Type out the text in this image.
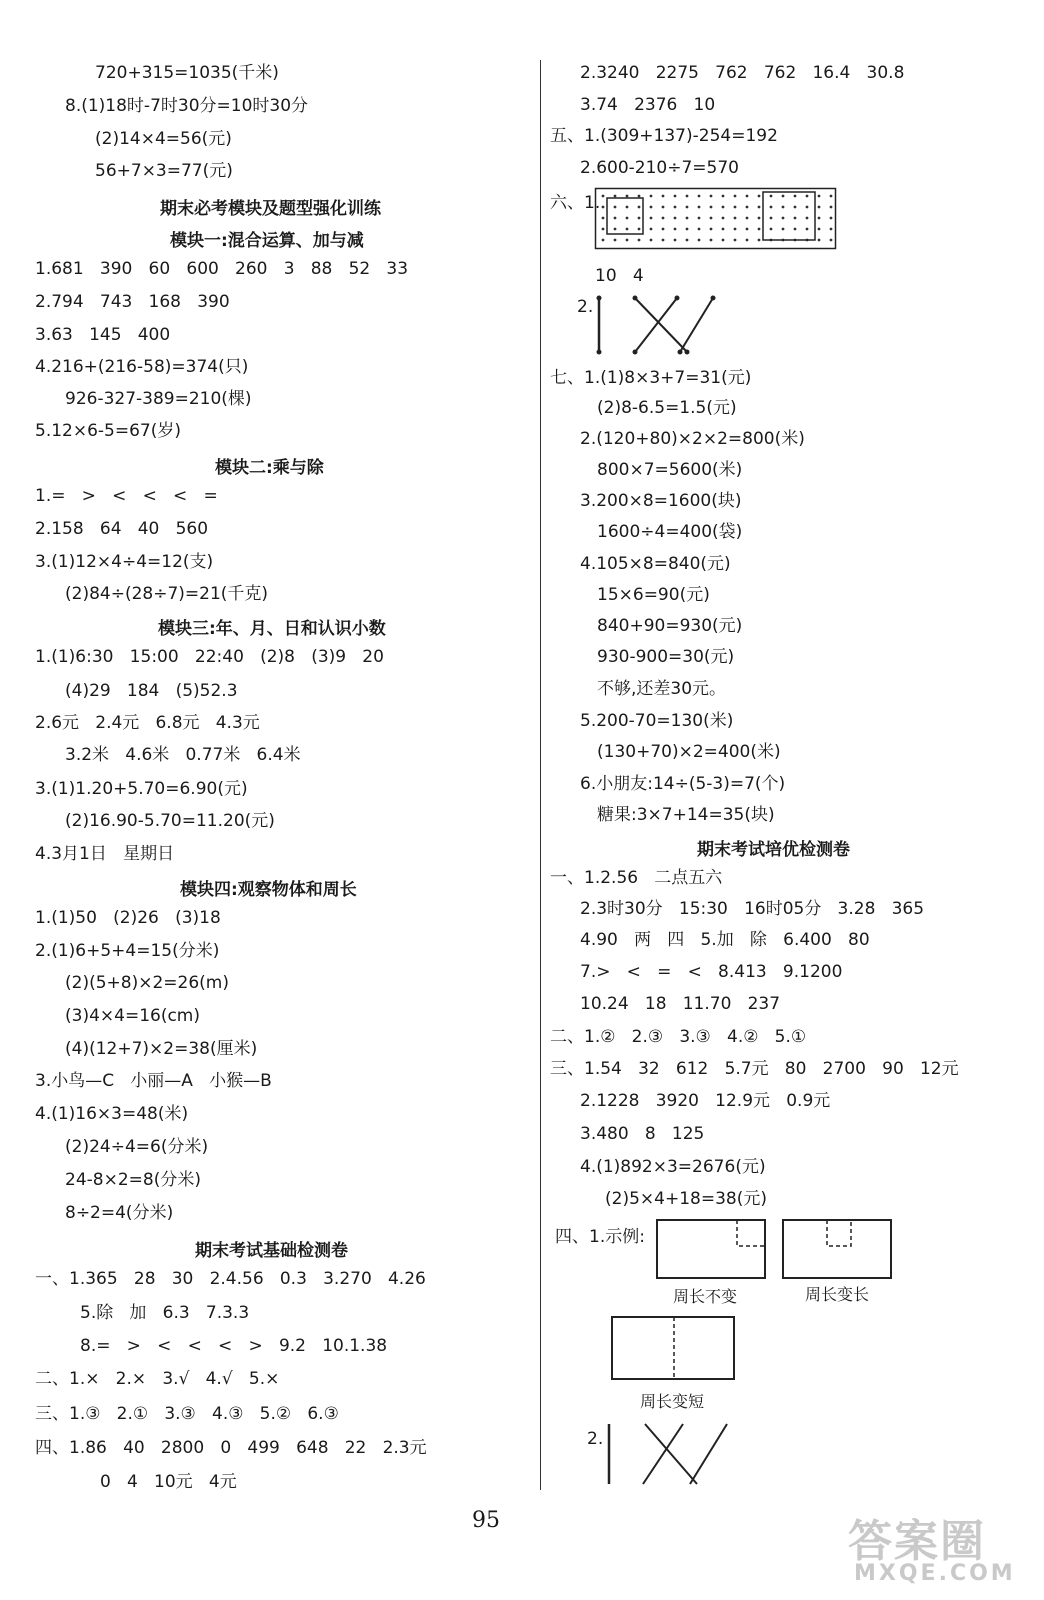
720+315=1035(千米)
8.(1)18时-7时30分=10时30分
(2)14×4=56(元)
56+7×3=77(元)
期末必考模块及题型强化训练
模块一:混合运算、加与减
1.681   390   60   600   260   3   88   52   33
2.794   743   168   390
3.63   145   400
4.216+(216-58)=374(只)
926-327-389=210(棵)
5.12×6-5=67(岁)
模块二:乘与除
1.=   >   <   <   <   =
2.158   64   40   560
3.(1)12×4÷4=12(支)
(2)84÷(28÷7)=21(千克)
模块三:年、月、日和认识小数
1.(1)6:30   15:00   22:40   (2)8   (3)9   20
(4)29   184   (5)52.3
2.6元   2.4元   6.8元   4.3元
3.2米   4.6米   0.77米   6.4米
3.(1)1.20+5.70=6.90(元)
(2)16.90-5.70=11.20(元)
4.3月1日   星期日
模块四:观察物体和周长
1.(1)50   (2)26   (3)18
2.(1)6+5+4=15(分米)
(2)(5+8)×2=26(m)
(3)4×4=16(cm)
(4)(12+7)×2=38(厘米)
3.小鸟—C   小丽—A   小猴—B
4.(1)16×3=48(米)
(2)24÷4=6(分米)
24-8×2=8(分米)
8÷2=4(分米)
期末考试基础检测卷
一、1.365   28   30   2.4.56   0.3   3.270   4.26
5.除   加   6.3   7.3.3
8.=   >   <   <   <   >   9.2   10.1.38
二、1.×   2.×   3.√   4.√   5.×
三、1.③   2.①   3.③   4.③   5.②   6.③
四、1.86   40   2800   0   499   648   22   2.3元
0   4   10元   4元
2.3240   2275   762   762   16.4   30.8
3.74   2376   10
五、1.(309+137)-254=192
2.600-210÷7=570
六、1.
10   4
2.
七、1.(1)8×3+7=31(元)
(2)8-6.5=1.5(元)
2.(120+80)×2×2=800(米)
800×7=5600(米)
3.200×8=1600(块)
1600÷4=400(袋)
4.105×8=840(元)
15×6=90(元)
840+90=930(元)
930-900=30(元)
不够,还差30元。
5.200-70=130(米)
(130+70)×2=400(米)
6.小朋友:14÷(5-3)=7(个)
糖果:3×7+14=35(块)
期末考试培优检测卷
一、1.2.56   二点五六
2.3时30分   15:30   16时05分   3.28   365
4.90   两   四   5.加   除   6.400   80
7.>   <   =   <   8.413   9.1200
10.24   18   11.70   237
二、1.②   2.③   3.③   4.②   5.①
三、1.54   32   612   5.7元   80   2700   90   12元
2.1228   3920   12.9元   0.9元
3.480   8   125
4.(1)892×3=2676(元)
(2)5×4+18=38(元)
四、1.示例:
周长不变	周长变长
周长变短
2.
95	答案圈
MXQE.COM
